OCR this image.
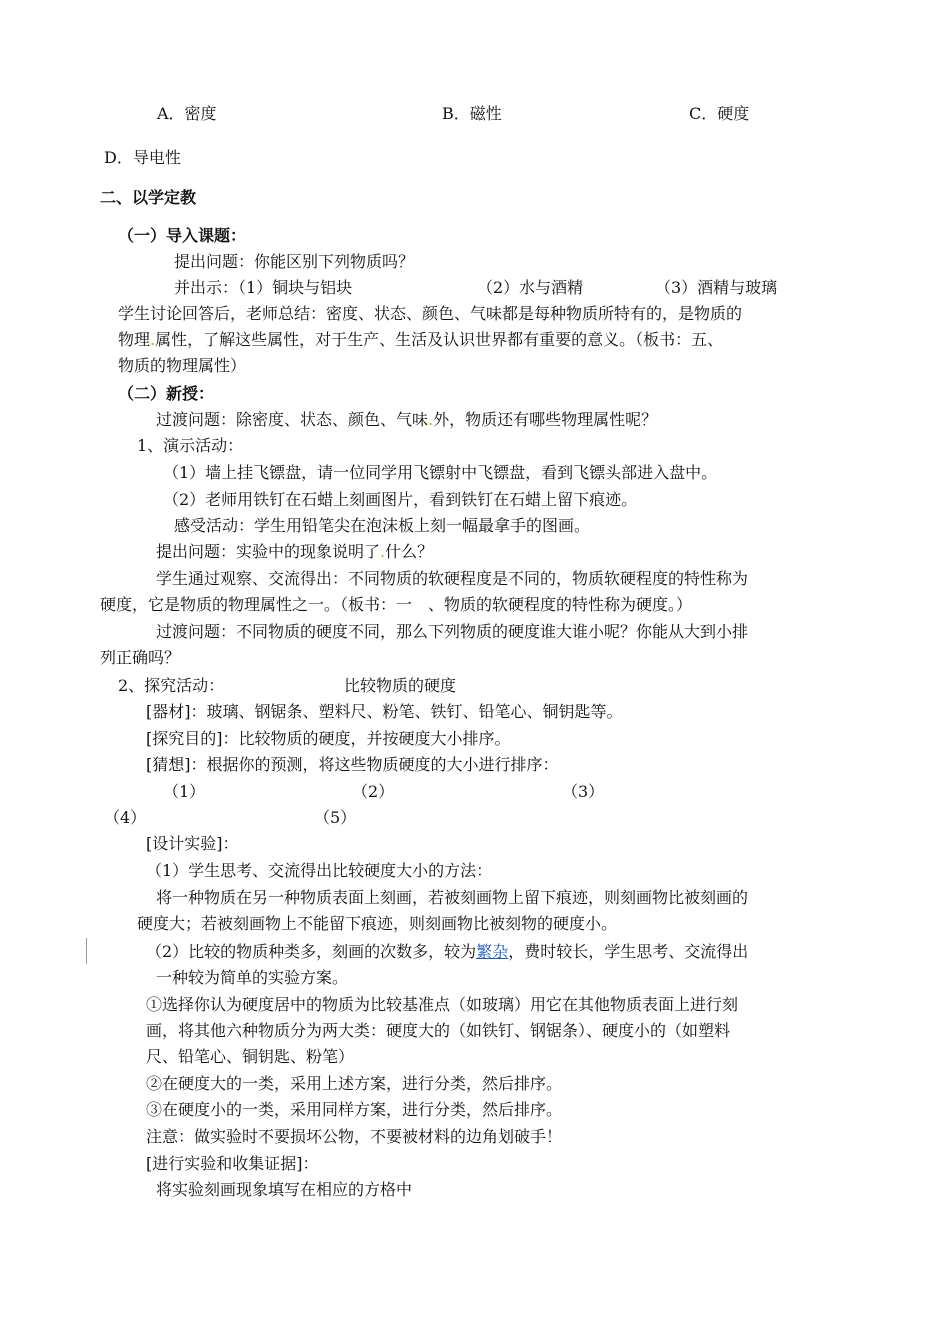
A．密度	B．磁性	C．硬度
D．导电性
二、以学定教
（一）导入课题：
提出问题：你能区别下列物质吗？
并出示：（1）铜块与铝块	（2）水与酒精	（3）酒精与玻璃
学生讨论回答后，老师总结：密度、状态、颜色、气味都是每种物质所特有的，是物质的
物理.属性，了解这些属性，对于生产、生活及认识世界都有重要的意义。（板书：五、
物质的物理属性）
（二）新授：
过渡问题：除密度、状态、颜色、气味.外，物质还有哪些物理属性呢？
1、演示活动：
（1）墙上挂飞镖盘，请一位同学用飞镖射中飞镖盘，看到飞镖头部进入盘中。
（2）老师用铁钉在石蜡上刻画图片，看到铁钉在石蜡上留下痕迹。
感受活动：学生用铅笔尖在泡沫板上刻一幅最拿手的图画。
提出问题：实验中的现象说明了.什么？
学生通过观察、交流得出：不同物质的软硬程度是不同的，物质软硬程度的特性称为
硬度，它是物质的物理属性之一。（板书：一　、物质的软硬程度的特性称为硬度。）
过渡问题：不同物质的硬度不同，那么下列物质的硬度谁大谁小呢？你能从大到小排
列正确吗？
2、探究活动：	比较物质的硬度
[器材]：玻璃、钢锯条、塑料尺、粉笔、铁钉、铅笔心、铜钥匙等。
[探究目的]：比较物质的硬度，并按硬度大小排序。
[猜想]：根据你的预测，将这些物质硬度的大小进行排序：
（1）	（2）	（3）
（4）	（5）
[设计实验]：
（1）学生思考、交流得出比较硬度大小的方法：
将一种物质在另一种物质表面上刻画，若被刻画物上留下痕迹，则刻画物比被刻画的
硬度大；若被刻画物上不能留下痕迹，则刻画物比被刻物的硬度小。
（2）比较的物质种类多，刻画的次数多，较为繁杂，费时较长，学生思考、交流得出
一种较为简单的实验方案。
①选择你认为硬度居中的物质为比较基准点（如玻璃）用它在其他物质表面上进行刻
画，将其他六种物质分为两大类：硬度大的（如铁钉、钢锯条）、硬度小的（如塑料
尺、铅笔心、铜钥匙、粉笔）
②在硬度大的一类，采用上述方案，进行分类，然后排序。
③在硬度小的一类，采用同样方案，进行分类，然后排序。
注意：做实验时不要损坏公物，不要被材料的边角划破手！
[进行实验和收集证据]：
将实验刻画现象填写在相应的方格中
